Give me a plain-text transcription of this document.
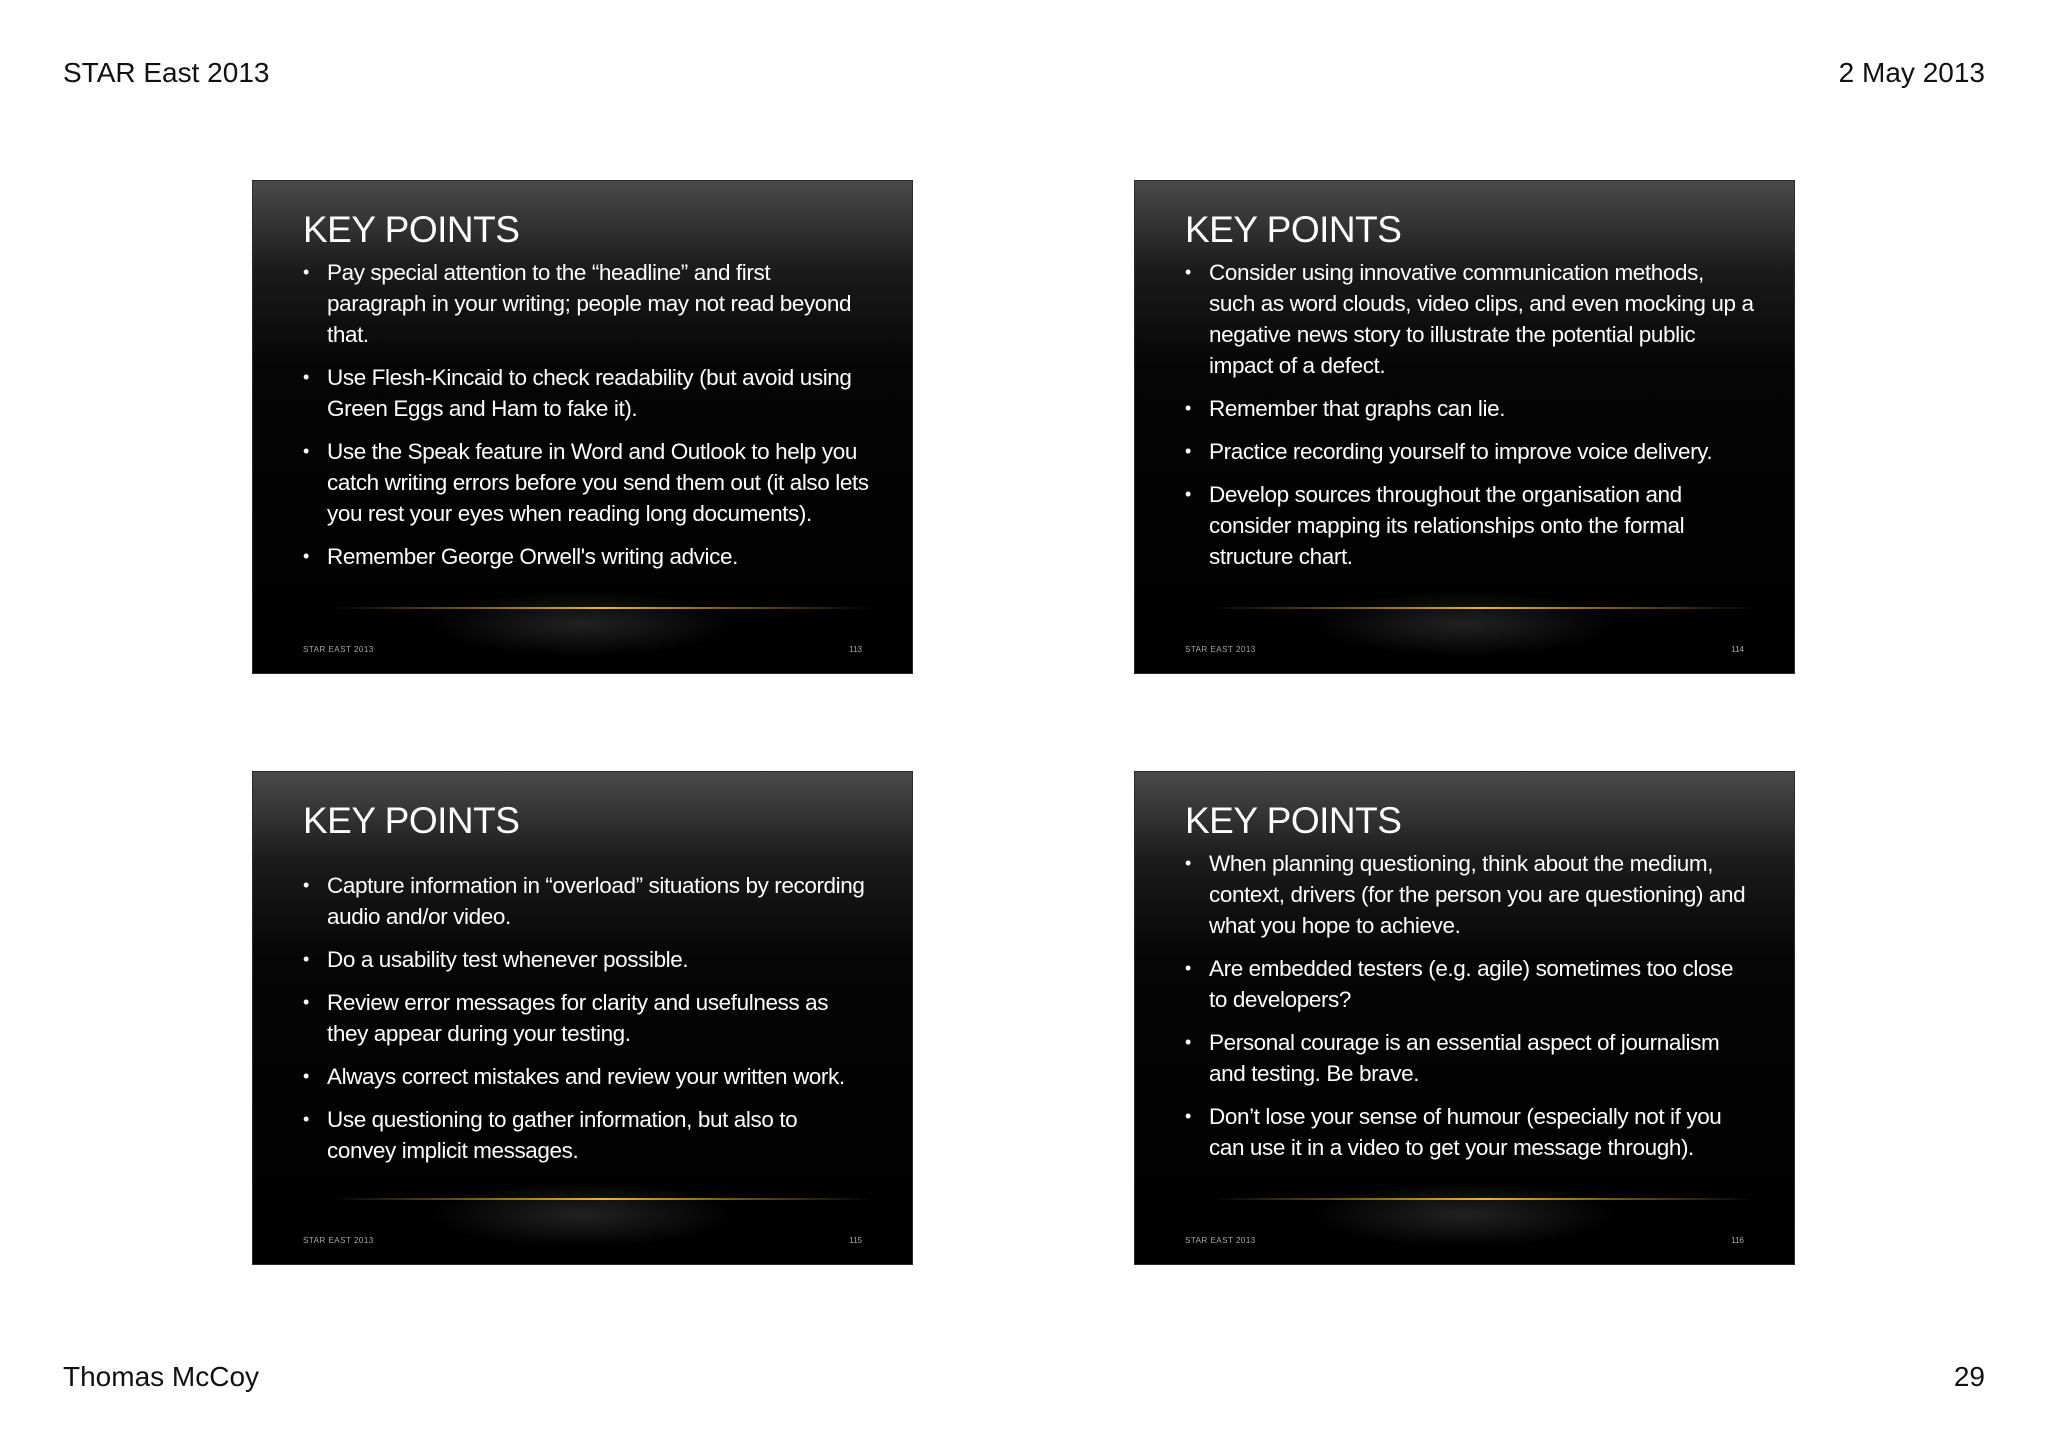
STAR East 2013	2 May 2013
KEY POINTS
• Pay special attention to the “headline” and first paragraph in your writing; people may not read beyond that.
• Use Flesh-Kincaid to check readability (but avoid using Green Eggs and Ham to fake it).
• Use the Speak feature in Word and Outlook to help you catch writing errors before you send them out (it also lets you rest your eyes when reading long documents).
• Remember George Orwell's writing advice.
STAR EAST 2013	113
KEY POINTS
• Consider using innovative communication methods, such as word clouds, video clips, and even mocking up a negative news story to illustrate the potential public impact of a defect.
• Remember that graphs can lie.
• Practice recording yourself to improve voice delivery.
• Develop sources throughout the organisation and consider mapping its relationships onto the formal structure chart.
STAR EAST 2013	114
KEY POINTS
• Capture information in “overload” situations by recording audio and/or video.
• Do a usability test whenever possible.
• Review error messages for clarity and usefulness as they appear during your testing.
• Always correct mistakes and review your written work.
• Use questioning to gather information, but also to convey implicit messages.
STAR EAST 2013	115
KEY POINTS
• When planning questioning, think about the medium, context, drivers (for the person you are questioning) and what you hope to achieve.
• Are embedded testers (e.g. agile) sometimes too close to developers?
• Personal courage is an essential aspect of journalism and testing. Be brave.
• Don’t lose your sense of humour (especially not if you can use it in a video to get your message through).
STAR EAST 2013	116
Thomas McCoy	29
